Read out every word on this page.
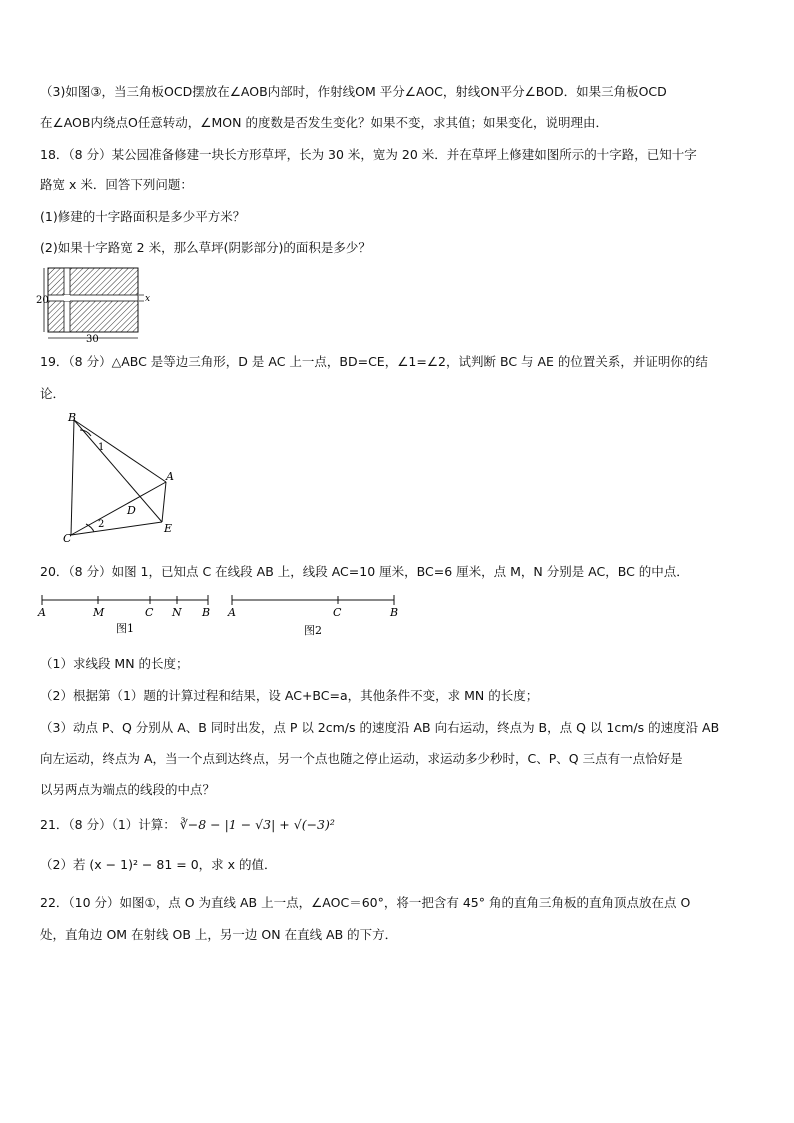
（3)如图③，当三角板OCD摆放在∠AOB内部时，作射线OM 平分∠AOC，射线ON平分∠BOD．如果三角板OCD
在∠AOB内绕点O任意转动，∠MON 的度数是否发生变化？如果不变，求其值；如果变化，说明理由．
18．（8 分）某公园准备修建一块长方形草坪，长为 30 米，宽为 20 米．并在草坪上修建如图所示的十字路，已知十字
路宽 x 米．回答下列问题：
(1)修建的十字路面积是多少平方米？
(2)如果十字路宽 2 米，那么草坪(阴影部分)的面积是多少？
20
30
x
19．（8 分）△ABC 是等边三角形，D 是 AC 上一点，BD=CE，∠1=∠2，试判断 BC 与 AE 的位置关系，并证明你的结
论．
B
A
C
D
E
1
2
20．（8 分）如图 1，已知点 C 在线段 AB 上，线段 AC=10 厘米，BC=6 厘米，点 M，N 分别是 AC，BC 的中点．
A	M	C N B
图1
A	C	B
图2
（1）求线段 MN 的长度；
（2）根据第（1）题的计算过程和结果，设 AC+BC=a，其他条件不变，求 MN 的长度；
（3）动点 P、Q 分别从 A、B 同时出发，点 P 以 2cm/s 的速度沿 AB 向右运动，终点为 B，点 Q 以 1cm/s 的速度沿 AB
向左运动，终点为 A，当一个点到达终点，另一个点也随之停止运动，求运动多少秒时，C、P、Q 三点有一点恰好是
以另两点为端点的线段的中点？
21．（8 分）（1）计算： ∛−8 − |1 − √3| + √(−3)²
（2）若 (x − 1)² − 81 = 0，求 x 的值．
22．（10 分）如图①，点 O 为直线 AB 上一点，∠AOC＝60°，将一把含有 45° 角的直角三角板的直角顶点放在点 O
处，直角边 OM 在射线 OB 上，另一边 ON 在直线 AB 的下方．
